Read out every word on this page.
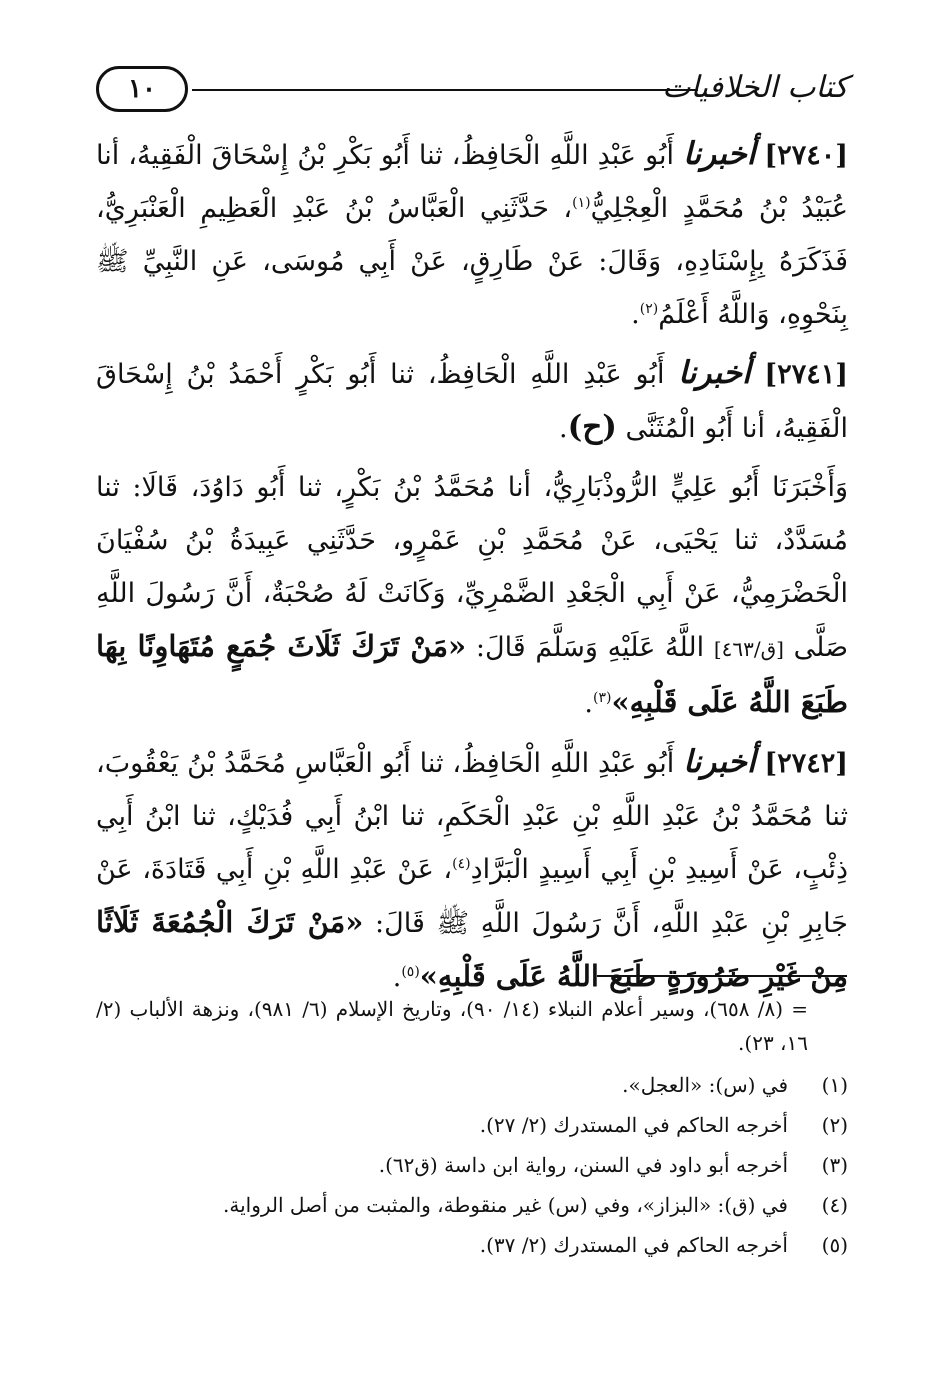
١٠	كتاب الخلافيات

[٢٧٤٠] أخبرنا أَبُو عَبْدِ اللَّهِ الْحَافِظُ، ثنا أَبُو بَكْرِ بْنُ إِسْحَاقَ الْفَقِيهُ، أنا عُبَيْدُ بْنُ مُحَمَّدٍ الْعِجْلِيُّ$^{(١)}$، حَدَّثَنِي الْعَبَّاسُ بْنُ عَبْدِ الْعَظِيمِ الْعَنْبَرِيُّ، فَذَكَرَهُ بِإِسْنَادِهِ، وَقَالَ: عَنْ طَارِقٍ، عَنْ أَبِي مُوسَى، عَنِ النَّبِيِّ ﷺ بِنَحْوِهِ، وَاللَّهُ أَعْلَمُ$^{(٢)}$.

[٢٧٤١] أخبرنا أَبُو عَبْدِ اللَّهِ الْحَافِظُ، ثنا أَبُو بَكْرٍ أَحْمَدُ بْنُ إِسْحَاقَ الْفَقِيهُ، أنا أَبُو الْمُثَنَّى (ح).

وَأَخْبَرَنَا أَبُو عَلِيٍّ الرُّوذْبَارِيُّ، أنا مُحَمَّدُ بْنُ بَكْرٍ، ثنا أَبُو دَاوُدَ، قَالَا: ثنا مُسَدَّدٌ، ثنا يَحْيَى، عَنْ مُحَمَّدِ بْنِ عَمْرٍو، حَدَّثَنِي عَبِيدَةُ بْنُ سُفْيَانَ الْحَضْرَمِيُّ، عَنْ أَبِي الْجَعْدِ الضَّمْرِيِّ، وَكَانَتْ لَهُ صُحْبَةٌ، أَنَّ رَسُولَ اللَّهِ صَلَّى [ق/٤٦٣] اللَّهُ عَلَيْهِ وَسَلَّمَ قَالَ: «مَنْ تَرَكَ ثَلَاثَ جُمَعٍ مُتَهَاوِنًا بِهَا طَبَعَ اللَّهُ عَلَى قَلْبِهِ»$^{(٣)}$.

[٢٧٤٢] أخبرنا أَبُو عَبْدِ اللَّهِ الْحَافِظُ، ثنا أَبُو الْعَبَّاسِ مُحَمَّدُ بْنُ يَعْقُوبَ، ثنا مُحَمَّدُ بْنُ عَبْدِ اللَّهِ بْنِ عَبْدِ الْحَكَمِ، ثنا ابْنُ أَبِي فُدَيْكٍ، ثنا ابْنُ أَبِي ذِئْبٍ، عَنْ أَسِيدِ بْنِ أَبِي أَسِيدٍ الْبَرَّادِ$^{(٤)}$، عَنْ عَبْدِ اللَّهِ بْنِ أَبِي قَتَادَةَ، عَنْ جَابِرِ بْنِ عَبْدِ اللَّهِ، أَنَّ رَسُولَ اللَّهِ ﷺ قَالَ: «مَنْ تَرَكَ الْجُمُعَةَ ثَلَاثًا مِنْ غَيْرِ ضَرُورَةٍ طَبَعَ اللَّهُ عَلَى قَلْبِهِ»$^{(٥)}$.

= (٨/ ٦٥٨)، وسير أعلام النبلاء (١٤/ ٩٠)، وتاريخ الإسلام (٦/ ٩٨١)، ونزهة الألباب (٢/ ١٦، ٢٣).

(١)
في (س): «العجل».
(٢)
أخرجه الحاكم في المستدرك (٢/ ٢٧).
(٣)
أخرجه أبو داود في السنن، رواية ابن داسة (ق٦٢).
(٤)
في (ق): «البزاز»، وفي (س) غير منقوطة، والمثبت من أصل الرواية.
(٥)
أخرجه الحاكم في المستدرك (٢/ ٣٧).
